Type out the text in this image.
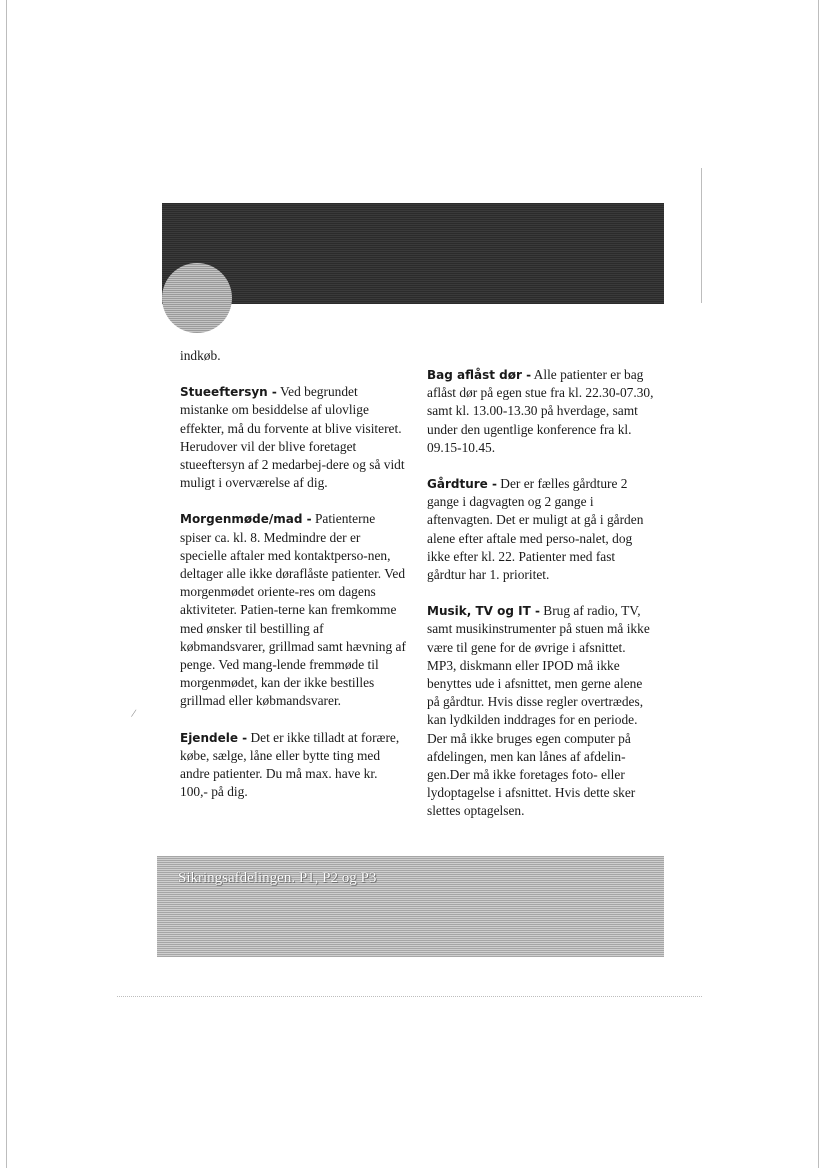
indkøb.

Stueeftersyn - Ved begrundet mistanke om besiddelse af ulovlige effekter, må du forvente at blive visiteret. Herudover vil der blive foretaget stueeftersyn af 2 medarbej-dere og så vidt muligt i overværelse af dig.

Morgenmøde/mad - Patienterne spiser ca. kl. 8. Medmindre der er specielle aftaler med kontaktperso-nen, deltager alle ikke døraflåste patienter. Ved morgenmødet oriente-res om dagens aktiviteter. Patien-terne kan fremkomme med ønsker til bestilling af købmandsvarer, grillmad samt hævning af penge. Ved mang-lende fremmøde til morgenmødet, kan der ikke bestilles grillmad eller købmandsvarer.

Ejendele - Det er ikke tilladt at forære, købe, sælge, låne eller bytte ting med andre patienter. Du må max. have kr. 100,- på dig.

Bag aflåst dør - Alle patienter er bag aflåst dør på egen stue fra kl. 22.30-07.30, samt kl. 13.00-13.30 på hverdage, samt under den ugentlige konference fra kl. 09.15-10.45.

Gårdture - Der er fælles gårdture 2 gange i dagvagten og 2 gange i aftenvagten. Det er muligt at gå i gården alene efter aftale med perso-nalet, dog ikke efter kl. 22. Patienter med fast gårdtur har 1. prioritet.

Musik, TV og IT - Brug af radio, TV, samt musikinstrumenter på stuen må ikke være til gene for de øvrige i afsnittet. MP3, diskmann eller IPOD må ikke benyttes ude i afsnittet, men gerne alene på gårdtur. Hvis disse regler overtrædes, kan lydkilden inddrages for en periode.

Der må ikke bruges egen computer på afdelingen, men kan lånes af afdelin-gen.Der må ikke foretages foto- eller lydoptagelse i afsnittet. Hvis dette sker slettes optagelsen.

/
Sikringsafdelingen. P1, P2 og P3
